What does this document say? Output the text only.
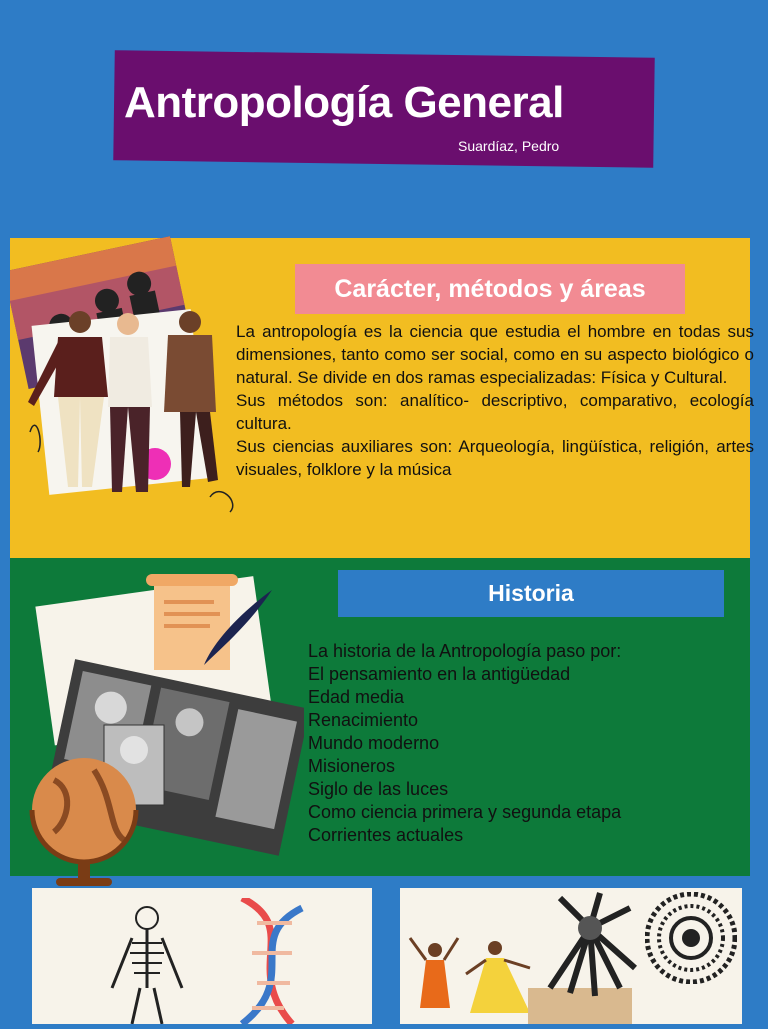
Antropología General
Suardíaz, Pedro
Carácter, métodos y áreas
La antropología es la ciencia que estudia el hombre en todas sus dimensiones, tanto como ser social, como en su aspecto biológico o natural. Se divide en dos ramas especializadas: Física y Cultural.
Sus métodos son: analítico- descriptivo, comparativo, ecología cultura.
Sus ciencias auxiliares son: Arqueología, lingüística, religión, artes visuales, folklore y la música
Historia
La historia de la Antropología paso por:
El pensamiento en la antigüedad
Edad media
Renacimiento
Mundo moderno
Misioneros
Siglo de las luces
Como ciencia primera y segunda etapa
Corrientes actuales
